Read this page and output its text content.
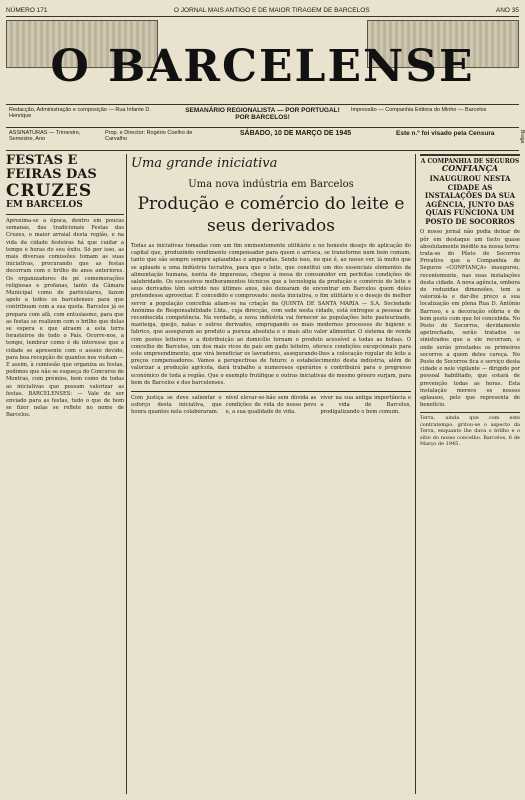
NÚMERO 171	O JORNAL MAIS ANTIGO E DE MAIOR TIRAGEM DE BARCELOS	ANO 35
O BARCELENSE
Redacção, Administração e composição — Rua Infante D. Henrique
SEMANÁRIO REGIONALISTA — POR PORTUGAL! POR BARCELOS!
Impressão — Companhia Editora do Minho — Barcelos
ASSINATURAS — Trimestre, Semestre, Ano
Prop. e Director: Rogério Coelho de Carvalho
SÁBADO, 10 DE MARÇO DE 1945	Este n.º foi visado pela Censura
FESTAS E FEIRAS DAS
CRUZES
EM BARCELOS
Aproxima-se a época, dentro em poucas semanas, das tradicionais Festas das Cruzes, o maior arraial desta região, e na vida da cidade festeiras há que cuidar a tempo e horas do seu êxito. Só por isso, as mais diversas comissões tomam as suas iniciativas, procurando que as festas decorram com o brilho de anos anteriores. Os organizadores de pé comemorações religiosas e profanas, tanto da Câmara Municipal como de particulares, fazem apelo a todos os barcelenses para que contribuam com a sua quota. Barcelos já os prepara com afã, com entusiasmo, para que as festas se realizem com o brilho que delas se espera e que atraem a esta terra forasteiros de todo o País. Ocorre-nos, a tempo, lembrar como é de interesse que a cidade se apresente com o asseio devido, para boa recepção de quantos nos visitam — E assim, à comissão que organiza as festas, pedimos que não se esqueça do Concurso de Montras, com prémios, bem como de todas as iniciativas que possam valorizar as festas. BARCELENSES: — Vale de ser enviado para as festas, tudo o que de bom se fizer nelas se reflete no nome de Barcelos.
Uma grande iniciativa
Uma nova indústria em Barcelos
Produção e comércio do leite e seus derivados
Todas as iniciativas tomadas com um fim eminentemente utilitário e no honesto desejo de aplicação do capital que, produzindo rendimento compensador para quem o arrisca, se transforme num bem comum, tanto que são sempre sempre aplaudidas e amparadas. Sendo isso, no que é, ao nosso ver, lá muito que se aplaude a uma indústria lucrativa, para que o leite, que constitui um dos essenciais elementos da alimentação humana, isenta de impurezas, chegue à mesa do consumidor em perfeitas condições de salubridade. Os sucessivos melhoramentos técnicos que a tecnologia da produção e comércio do leite e seus derivados têm sofrido nos últimos anos, não deixaram de encontrar em Barcelos quem deles pretendesse aproveitar. É concedido e comprovado: nesta iniciativa, o fim utilitário e o desejo de melhor servir a população concelhia aliam-se na criação da QUINTA DE SANTA MARIA — S.A. Sociedade Anónima de Responsabilidade Ltda., cuja direcção, com sede nesta cidade, está entregue a pessoas de reconhecida competência. Na verdade, a nova indústria vai fornecer às populações leite pasteurizado, manteiga, queijo, natas e outros derivados, empregando os mais modernos processos de higiene e fabrico, que asseguram ao produto a pureza absoluta e o mais alto valor alimentar. O sistema de venda com postos leiteiros e a distribuição ao domicílio tornam o produto acessível a todas as bolsas. O concelho de Barcelos, um dos mais ricos do país em gado leiteiro, oferece condições excepcionais para este empreendimento, que virá beneficiar os lavradores, assegurando-lhes a colocação regular do leite a preços compensadores. Vamos a perspectivas de futuro: o estabelecimento desta indústria, além de valorizar a produção agrícola, dará trabalho a numerosos operários e contribuirá para o progresso económico de toda a região. Que o exemplo frutifique e outras iniciativas do mesmo género surjam, para bem de Barcelos e dos barcelenses.
Com justiça se deve salientar o esforço desta iniciativa, que honra quantos nela colaboraram.
nível elevar-se-hão sem dúvida as condições de vida do nosso povo e, a sua qualidade de vida.
viver na sua antiga importância e a vida de Barcelos, prodigalizando o bem comum.
A COMPANHIA DE SEGUROS
CONFIANÇA
INAUGUROU NESTA CIDADE AS INSTALAÇÕES DA SUA AGÊNCIA, JUNTO DAS QUAIS FUNCIONA UM POSTO DE SOCORROS
O nosso jornal não podia deixar de pôr em destaque um facto quase absolutamente inédito na nossa terra: trata-se do Pôsto de Socorros Privativo que a Companhia de Seguros «CONFIANÇA» inaugurou, recentemente, nas suas instalações desta cidade. A nova agência, embora de reduzidas dimensões, tem a valorizá-la e dar-lhe preço a sua localização em plena Rua D. António Barroso, e a decoração sóbria e de bom gosto com que foi concebida. No Posto de Socorros, devidamente apetrechado, serão tratados os sinistrados que a ele recorram, e onde serão prestados os primeiros socorros a quem deles careça. No Posto de Socorros fica o serviço desta cidade e nele vigilante — dirigido por pessoal habilitado, que estará de prevenção todas as horas. Esta instalação merece os nossos aplausos, pelo que representa de benefício.
Terra, ainda que com este contratempo, gritou-se o aspecto da Terra, enquanto lhe dava o brilho e o sítio do nosso concelho. Barcelos, 6 de Março de 1945.
Braga
